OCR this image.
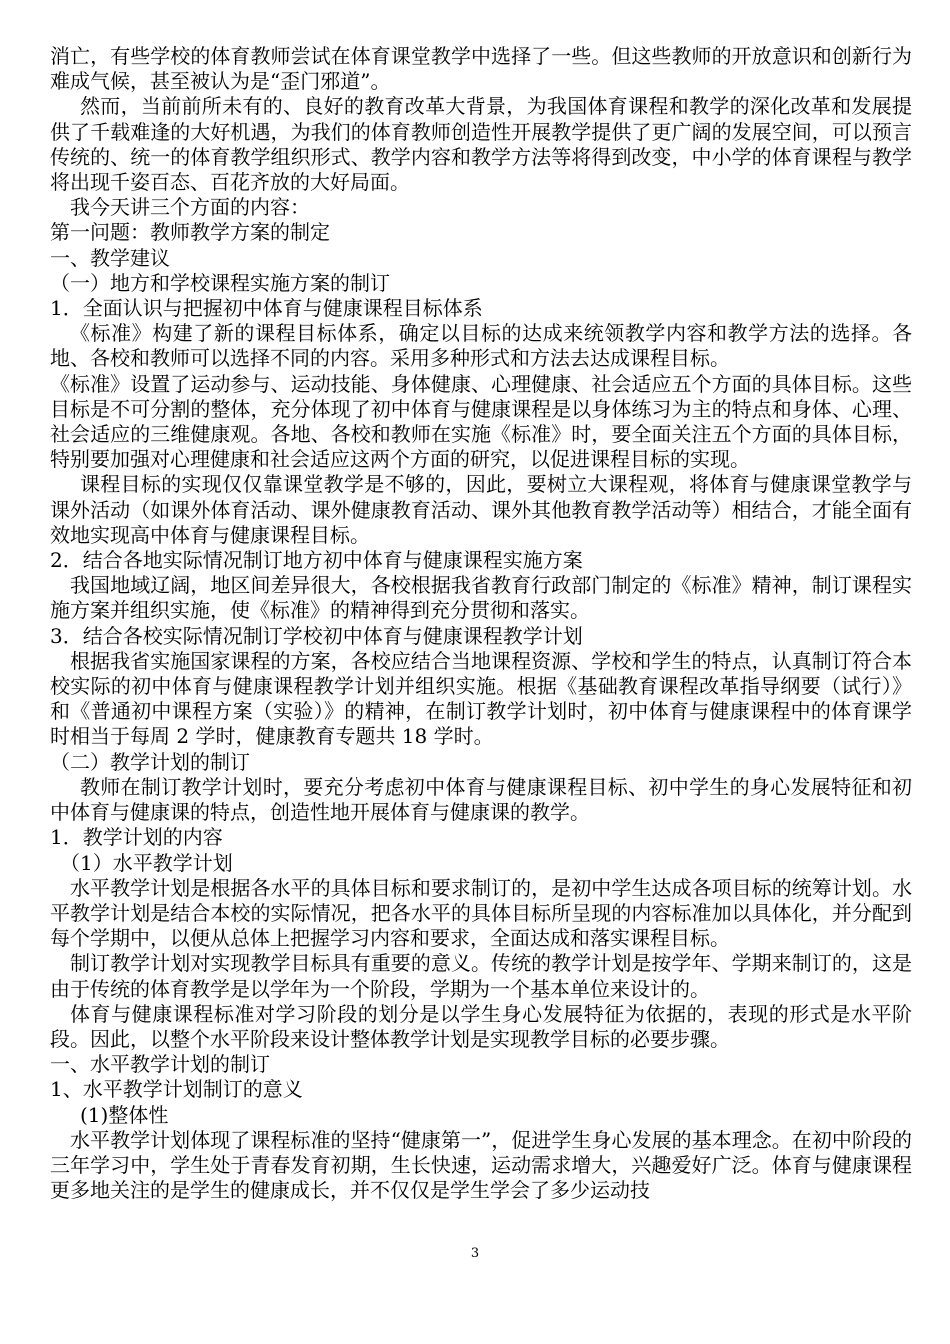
消亡，有些学校的体育教师尝试在体育课堂教学中选择了一些。但这些教师的开放意识和创新行为难成气候，甚至被认为是“歪门邪道”。

然而，当前前所未有的、良好的教育改革大背景，为我国体育课程和教学的深化改革和发展提供了千载难逢的大好机遇，为我们的体育教师创造性开展教学提供了更广阔的发展空间，可以预言传统的、统一的体育教学组织形式、教学内容和教学方法等将得到改变，中小学的体育课程与教学将出现千姿百态、百花齐放的大好局面。

我今天讲三个方面的内容：

第一问题：教师教学方案的制定

一、教学建议

（一）地方和学校课程实施方案的制订

1．全面认识与把握初中体育与健康课程目标体系

《标准》构建了新的课程目标体系，确定以目标的达成来统领教学内容和教学方法的选择。各地、各校和教师可以选择不同的内容。采用多种形式和方法去达成课程目标。

《标准》设置了运动参与、运动技能、身体健康、心理健康、社会适应五个方面的具体目标。这些目标是不可分割的整体，充分体现了初中体育与健康课程是以身体练习为主的特点和身体、心理、社会适应的三维健康观。各地、各校和教师在实施《标准》时，要全面关注五个方面的具体目标，特别要加强对心理健康和社会适应这两个方面的研究，以促进课程目标的实现。

课程目标的实现仅仅靠课堂教学是不够的，因此，要树立大课程观，将体育与健康课堂教学与课外活动（如课外体育活动、课外健康教育活动、课外其他教育教学活动等）相结合，才能全面有效地实现高中体育与健康课程目标。

2．结合各地实际情况制订地方初中体育与健康课程实施方案

我国地域辽阔，地区间差异很大，各校根据我省教育行政部门制定的《标准》精神，制订课程实施方案并组织实施，使《标准》的精神得到充分贯彻和落实。

3．结合各校实际情况制订学校初中体育与健康课程教学计划

根据我省实施国家课程的方案，各校应结合当地课程资源、学校和学生的特点，认真制订符合本校实际的初中体育与健康课程教学计划并组织实施。根据《基础教育课程改革指导纲要（试行）》和《普通初中课程方案（实验）》的精神，在制订教学计划时，初中体育与健康课程中的体育课学时相当于每周 2 学时，健康教育专题共 18 学时。

（二）教学计划的制订

教师在制订教学计划时，要充分考虑初中体育与健康课程目标、初中学生的身心发展特征和初中体育与健康课的特点，创造性地开展体育与健康课的教学。

1．教学计划的内容

（1）水平教学计划

水平教学计划是根据各水平的具体目标和要求制订的，是初中学生达成各项目标的统筹计划。水平教学计划是结合本校的实际情况，把各水平的具体目标所呈现的内容标准加以具体化，并分配到每个学期中，以便从总体上把握学习内容和要求，全面达成和落实课程目标。

制订教学计划对实现教学目标具有重要的意义。传统的教学计划是按学年、学期来制订的，这是由于传统的体育教学是以学年为一个阶段，学期为一个基本单位来设计的。

体育与健康课程标准对学习阶段的划分是以学生身心发展特征为依据的，表现的形式是水平阶段。因此，以整个水平阶段来设计整体教学计划是实现教学目标的必要步骤。

一、水平教学计划的制订

1、水平教学计划制订的意义

(1)整体性

水平教学计划体现了课程标准的坚持“健康第一”，促进学生身心发展的基本理念。在初中阶段的三年学习中，学生处于青春发育初期，生长快速，运动需求增大，兴趣爱好广泛。体育与健康课程更多地关注的是学生的健康成长，并不仅仅是学生学会了多少运动技

3
